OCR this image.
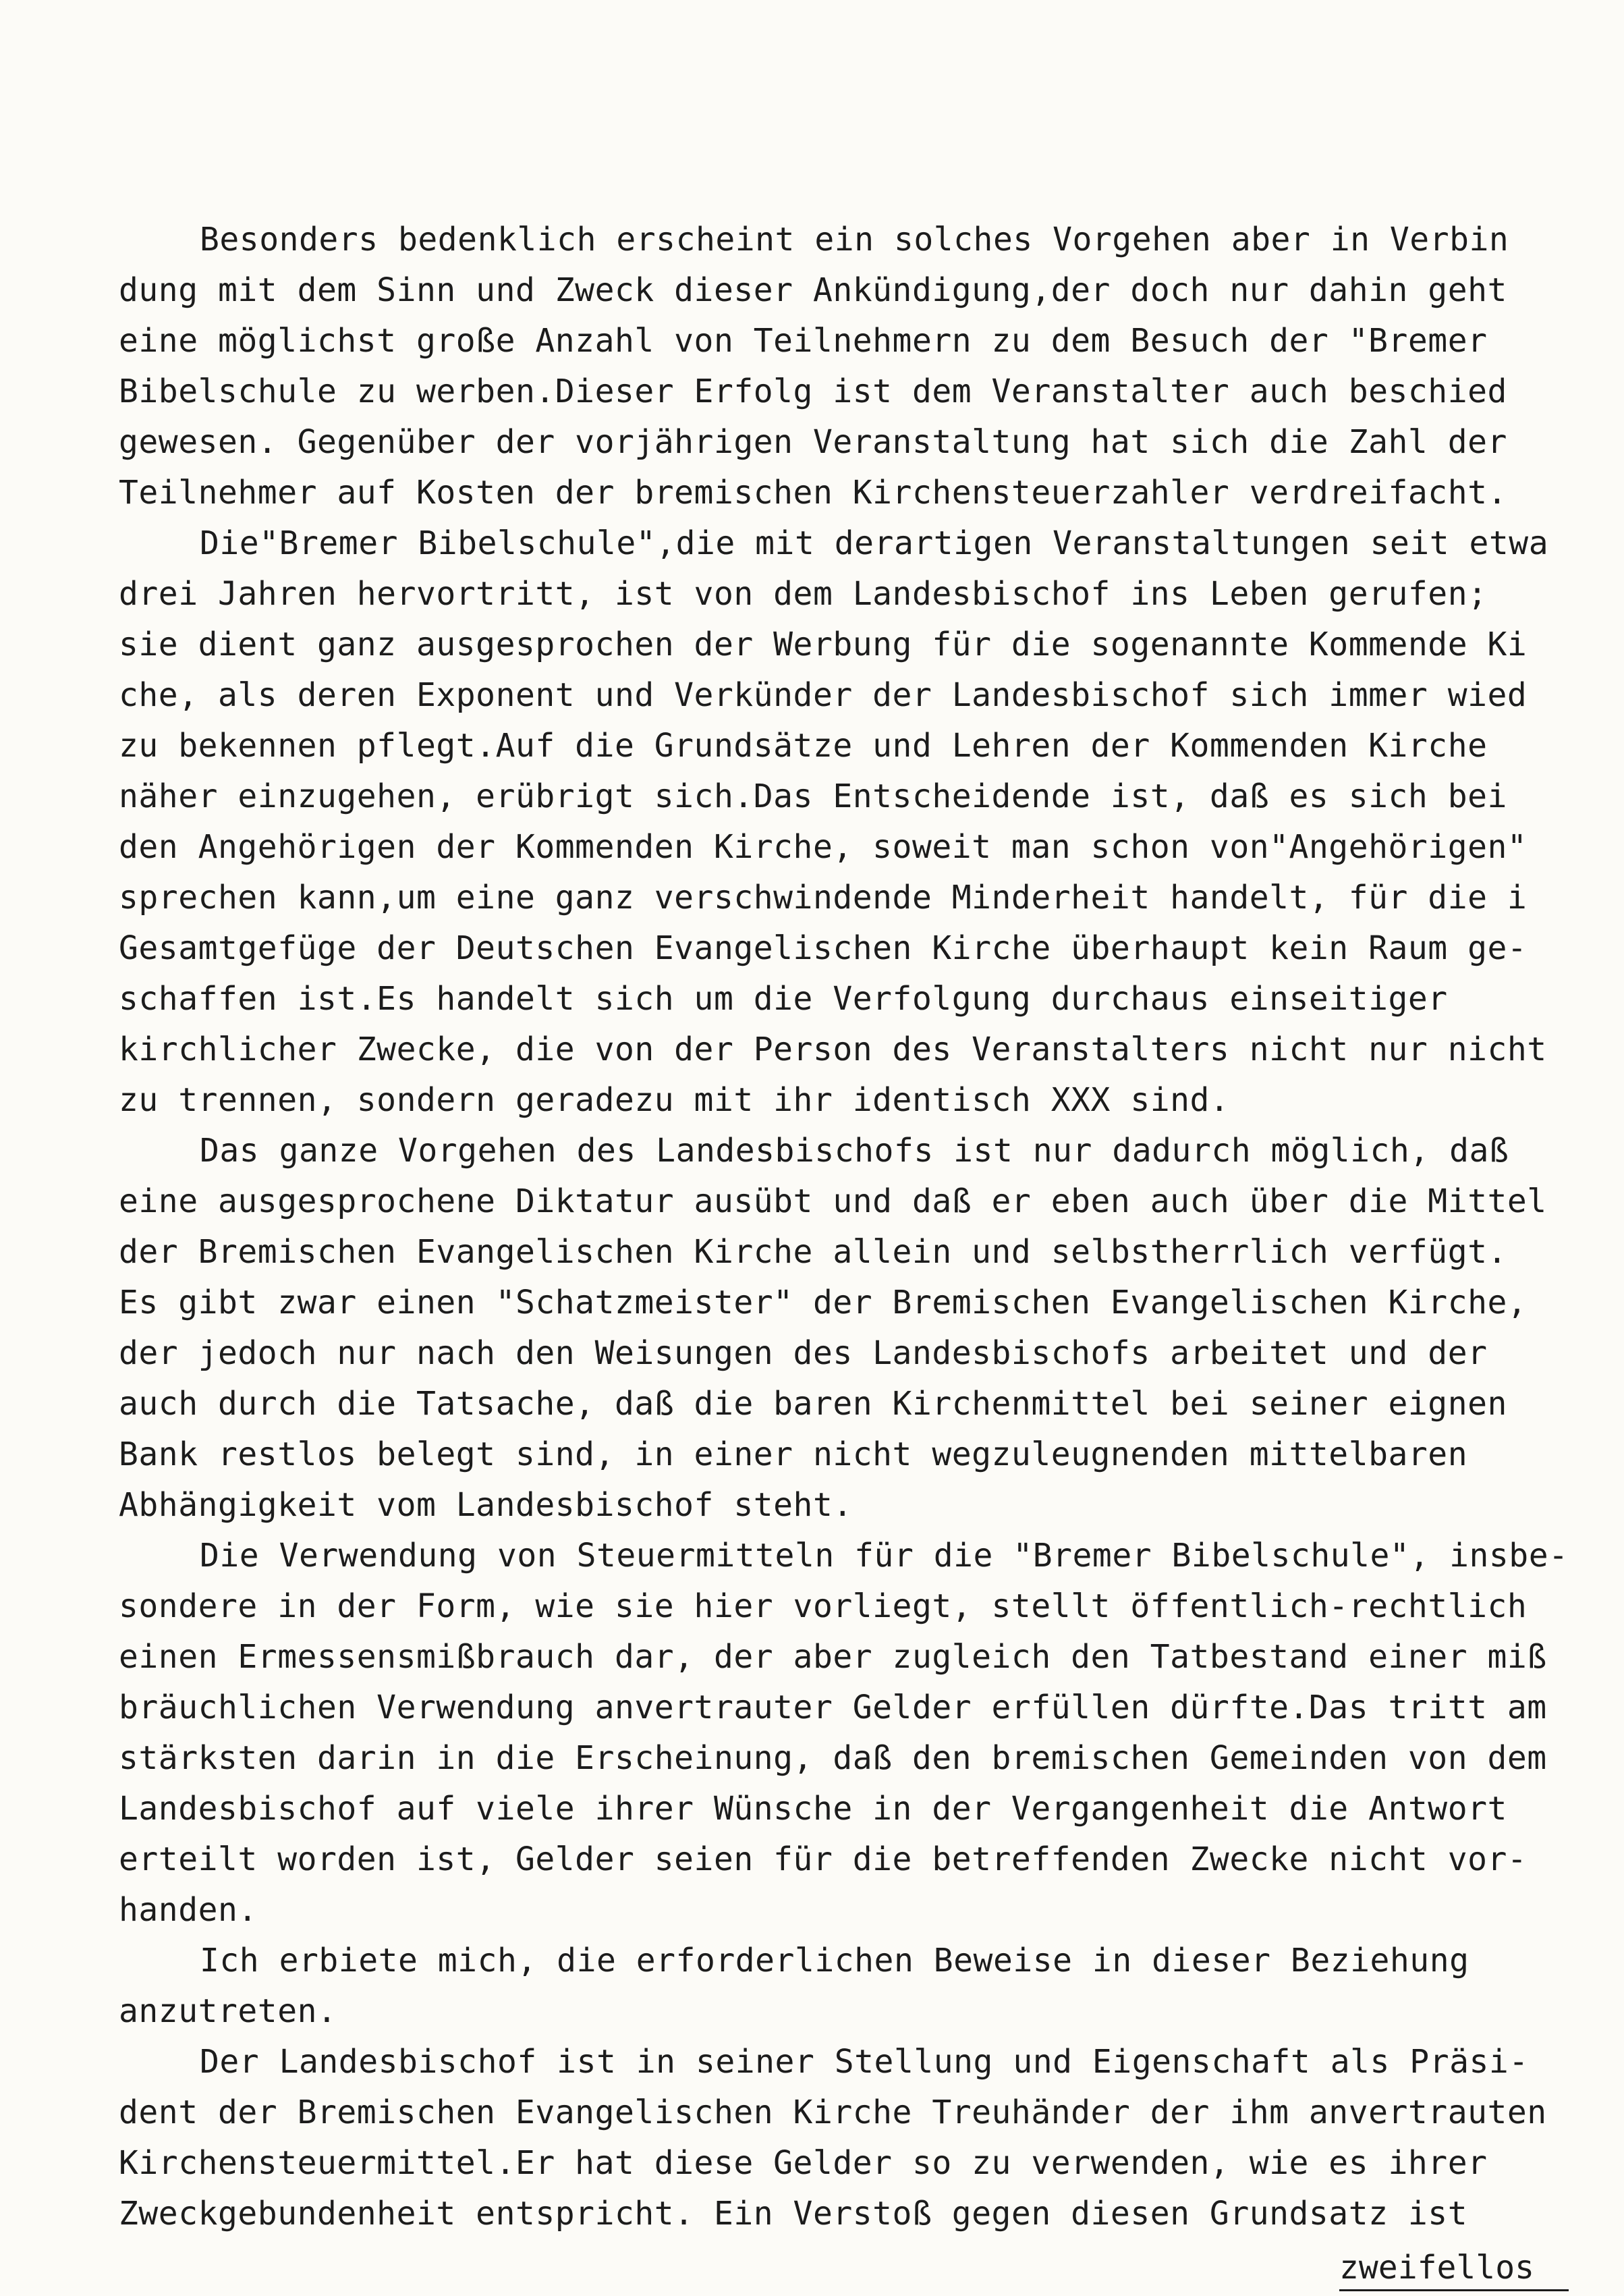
Besonders bedenklich erscheint ein solches Vorgehen aber in Verbin
dung mit dem Sinn und Zweck dieser Ankündigung,der doch nur dahin geht
eine möglichst große Anzahl von Teilnehmern zu dem Besuch der "Bremer
Bibelschule zu werben.Dieser Erfolg ist dem Veranstalter auch beschied
gewesen. Gegenüber der vorjährigen Veranstaltung hat sich die Zahl der
Teilnehmer auf Kosten der bremischen Kirchensteuerzahler verdreifacht.
Die"Bremer Bibelschule",die mit derartigen Veranstaltungen seit etwa
drei Jahren hervortritt, ist von dem Landesbischof ins Leben gerufen;
sie dient ganz ausgesprochen der Werbung für die sogenannte Kommende Ki
che, als deren Exponent und Verkünder der Landesbischof sich immer wied
zu bekennen pflegt.Auf die Grundsätze und Lehren der Kommenden Kirche
näher einzugehen, erübrigt sich.Das Entscheidende ist, daß es sich bei
den Angehörigen der Kommenden Kirche, soweit man schon von"Angehörigen"
sprechen kann,um eine ganz verschwindende Minderheit handelt, für die i
Gesamtgefüge der Deutschen Evangelischen Kirche überhaupt kein Raum ge-
schaffen ist.Es handelt sich um die Verfolgung durchaus einseitiger
kirchlicher Zwecke, die von der Person des Veranstalters nicht nur nicht
zu trennen, sondern geradezu mit ihr identisch XXX sind.
Das ganze Vorgehen des Landesbischofs ist nur dadurch möglich, daß
eine ausgesprochene Diktatur ausübt und daß er eben auch über die Mittel
der Bremischen Evangelischen Kirche allein und selbstherrlich verfügt.
Es gibt zwar einen "Schatzmeister" der Bremischen Evangelischen Kirche,
der jedoch nur nach den Weisungen des Landesbischofs arbeitet und der
auch durch die Tatsache, daß die baren Kirchenmittel bei seiner eignen
Bank restlos belegt sind, in einer nicht wegzuleugnenden mittelbaren
Abhängigkeit vom Landesbischof steht.
Die Verwendung von Steuermitteln für die "Bremer Bibelschule", insbe-
sondere in der Form, wie sie hier vorliegt, stellt öffentlich-rechtlich
einen Ermessensmißbrauch dar, der aber zugleich den Tatbestand einer miß
bräuchlichen Verwendung anvertrauter Gelder erfüllen dürfte.Das tritt am
stärksten darin in die Erscheinung, daß den bremischen Gemeinden von dem
Landesbischof auf viele ihrer Wünsche in der Vergangenheit die Antwort
erteilt worden ist, Gelder seien für die betreffenden Zwecke nicht vor-
handen.
Ich erbiete mich, die erforderlichen Beweise in dieser Beziehung
anzutreten.
Der Landesbischof ist in seiner Stellung und Eigenschaft als Präsi-
dent der Bremischen Evangelischen Kirche Treuhänder der ihm anvertrauten
Kirchensteuermittel.Er hat diese Gelder so zu verwenden, wie es ihrer
Zweckgebundenheit entspricht. Ein Verstoß gegen diesen Grundsatz ist
zweifellos
